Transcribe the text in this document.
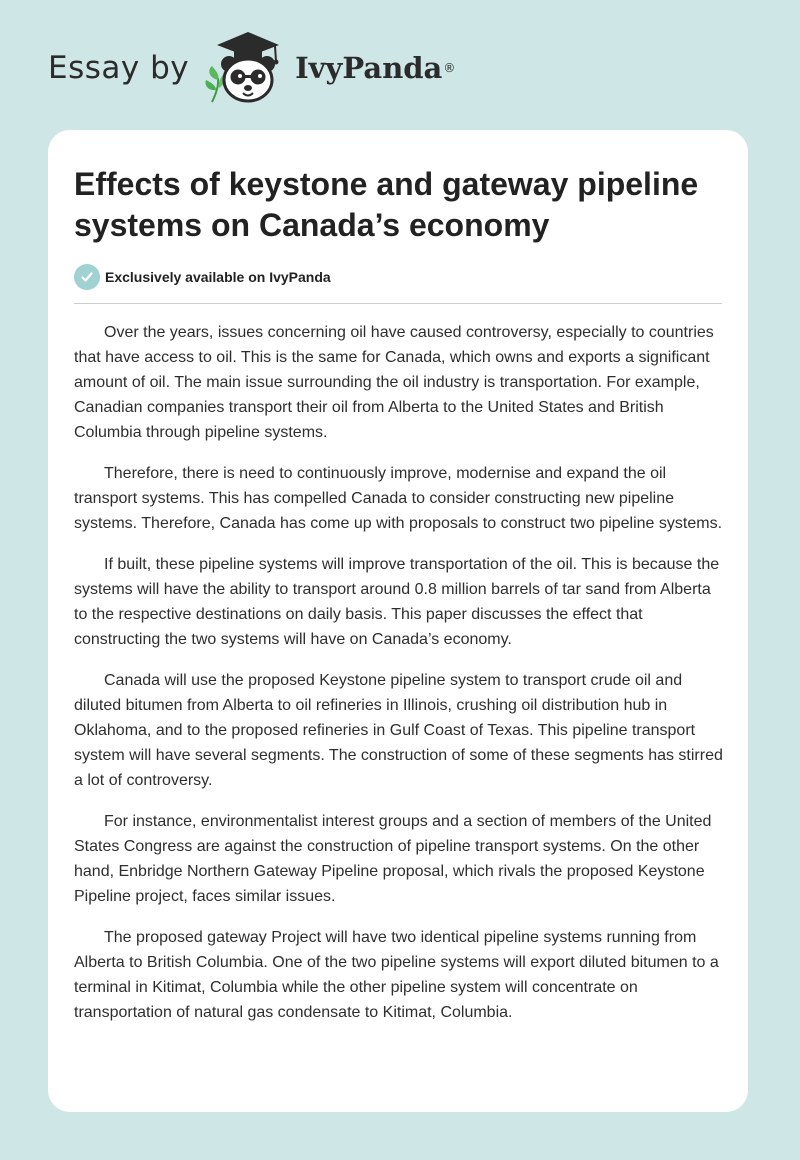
Essay by	IvyPanda ®
Effects of keystone and gateway pipeline systems on Canada’s economy
Exclusively available on IvyPanda

Over the years, issues concerning oil have caused controversy, especially to countries that have access to oil. This is the same for Canada, which owns and exports a significant amount of oil. The main issue surrounding the oil industry is transportation. For example, Canadian companies transport their oil from Alberta to the United States and British Columbia through pipeline systems.

Therefore, there is need to continuously improve, modernise and expand the oil transport systems. This has compelled Canada to consider constructing new pipeline systems. Therefore, Canada has come up with proposals to construct two pipeline systems.

If built, these pipeline systems will improve transportation of the oil. This is because the systems will have the ability to transport around 0.8 million barrels of tar sand from Alberta to the respective destinations on daily basis. This paper discusses the effect that constructing the two systems will have on Canada’s economy.

Canada will use the proposed Keystone pipeline system to transport crude oil and diluted bitumen from Alberta to oil refineries in Illinois, crushing oil distribution hub in Oklahoma, and to the proposed refineries in Gulf Coast of Texas. This pipeline transport system will have several segments. The construction of some of these segments has stirred a lot of controversy.

For instance, environmentalist interest groups and a section of members of the United States Congress are against the construction of pipeline transport systems. On the other hand, Enbridge Northern Gateway Pipeline proposal, which rivals the proposed Keystone Pipeline project, faces similar issues.

The proposed gateway Project will have two identical pipeline systems running from Alberta to British Columbia. One of the two pipeline systems will export diluted bitumen to a terminal in Kitimat, Columbia while the other pipeline system will concentrate on transportation of natural gas condensate to Kitimat, Columbia.
